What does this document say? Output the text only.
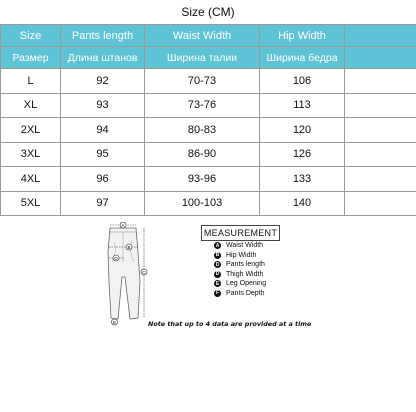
Size (CM)
Size	Pants length	Waist Width	Hip Width	
Размер	Длина штанов	Ширина талии	Ширина бедра	
L	92	70-73	106	
XL	93	73-76	113	
2XL	94	80-83	120	
3XL	95	86-90	126	
4XL	96	93-96	133	
5XL	97	100-103	140	
A
B
D
C
E
MEASUREMENT
A Waist Width
B Hip Width
D Pants length
D Thigh Width
E Leg Opening
F Pants Depth
Note that up to 4 data are provided at a time
